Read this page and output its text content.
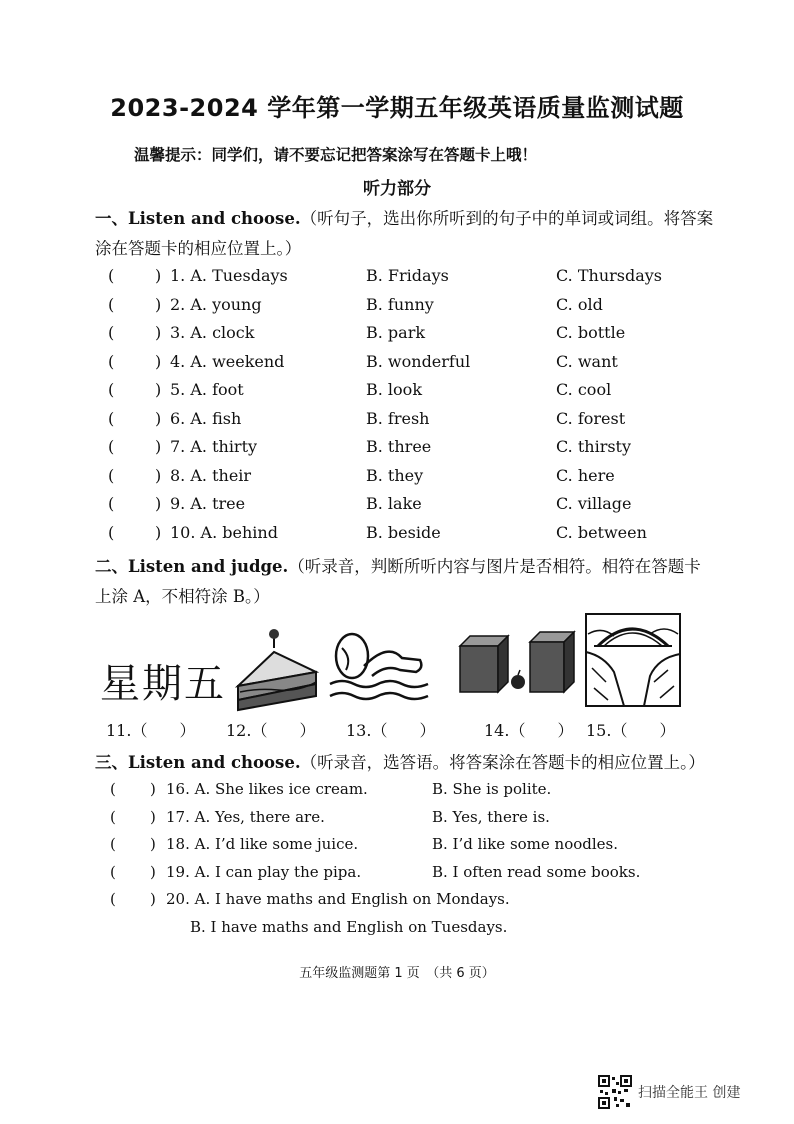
2023-2024 学年第一学期五年级英语质量监测试题
温馨提示：同学们，请不要忘记把答案涂写在答题卡上哦！
听力部分
一、Listen and choose.（听句子，选出你所听到的句子中的单词或词组。将答案涂在答题卡的相应位置上。）
(	) 1. A. Tuesdays	B. Fridays	C. Thursdays
(	) 2. A. young	B. funny	C. old
(	) 3. A. clock	B. park	C. bottle
(	) 4. A. weekend	B. wonderful	C. want
(	) 5. A. foot	B. look	C. cool
(	) 6. A. fish	B. fresh	C. forest
(	) 7. A. thirty	B. three	C. thirsty
(	) 8. A. their	B. they	C. here
(	) 9. A. tree	B. lake	C. village
(	) 10. A. behind	B. beside	C. between
二、Listen and judge.（听录音，判断所听内容与图片是否相符。相符在答题卡上涂 A，不相符涂 B。）
星期五
11.（　　） 12.（　　） 13.（　　）	14.（　　） 15.（　　）
三、Listen and choose.（听录音，选答语。将答案涂在答题卡的相应位置上。）
( ) 16. A. She likes ice cream.	B. She is polite.
( ) 17. A. Yes, there are.	B. Yes, there is.
( ) 18. A. I’d like some juice.	B. I’d like some noodles.
( ) 19. A. I can play the pipa.	B. I often read some books.
( ) 20. A. I have maths and English on Mondays.
B. I have maths and English on Tuesdays.
五年级监测题第 1 页　（共 6 页）
扫描全能王 创建
